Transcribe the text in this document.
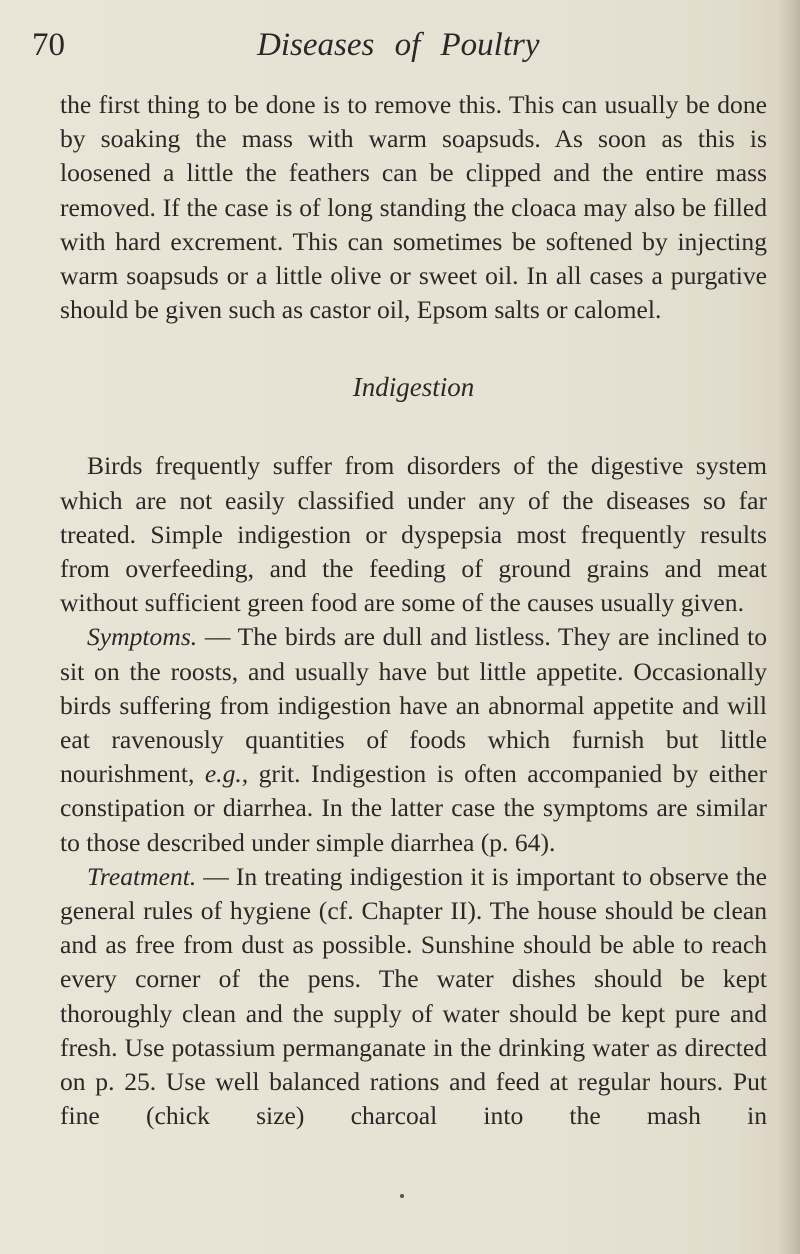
70	Diseases of Poultry

the first thing to be done is to remove this. This can usually be done by soaking the mass with warm soapsuds. As soon as this is loosened a little the feathers can be clipped and the entire mass removed. If the case is of long standing the cloaca may also be filled with hard excrement. This can sometimes be softened by injecting warm soapsuds or a little olive or sweet oil. In all cases a purgative should be given such as castor oil, Epsom salts or calomel.

Indigestion

Birds frequently suffer from disorders of the digestive system which are not easily classified under any of the diseases so far treated. Simple indigestion or dyspepsia most frequently results from overfeeding, and the feeding of ground grains and meat without sufficient green food are some of the causes usually given.

Symptoms. — The birds are dull and listless. They are inclined to sit on the roosts, and usually have but little appetite. Occasionally birds suffering from indigestion have an abnormal appetite and will eat ravenously quantities of foods which furnish but little nourishment, e.g., grit. Indigestion is often accompanied by either constipation or diarrhea. In the latter case the symptoms are similar to those described under simple diarrhea (p. 64).

Treatment. — In treating indigestion it is important to observe the general rules of hygiene (cf. Chapter II). The house should be clean and as free from dust as possible. Sunshine should be able to reach every corner of the pens. The water dishes should be kept thoroughly clean and the supply of water should be kept pure and fresh. Use potassium permanganate in the drinking water as directed on p. 25. Use well balanced rations and feed at regular hours. Put fine (chick size) charcoal into the mash in
